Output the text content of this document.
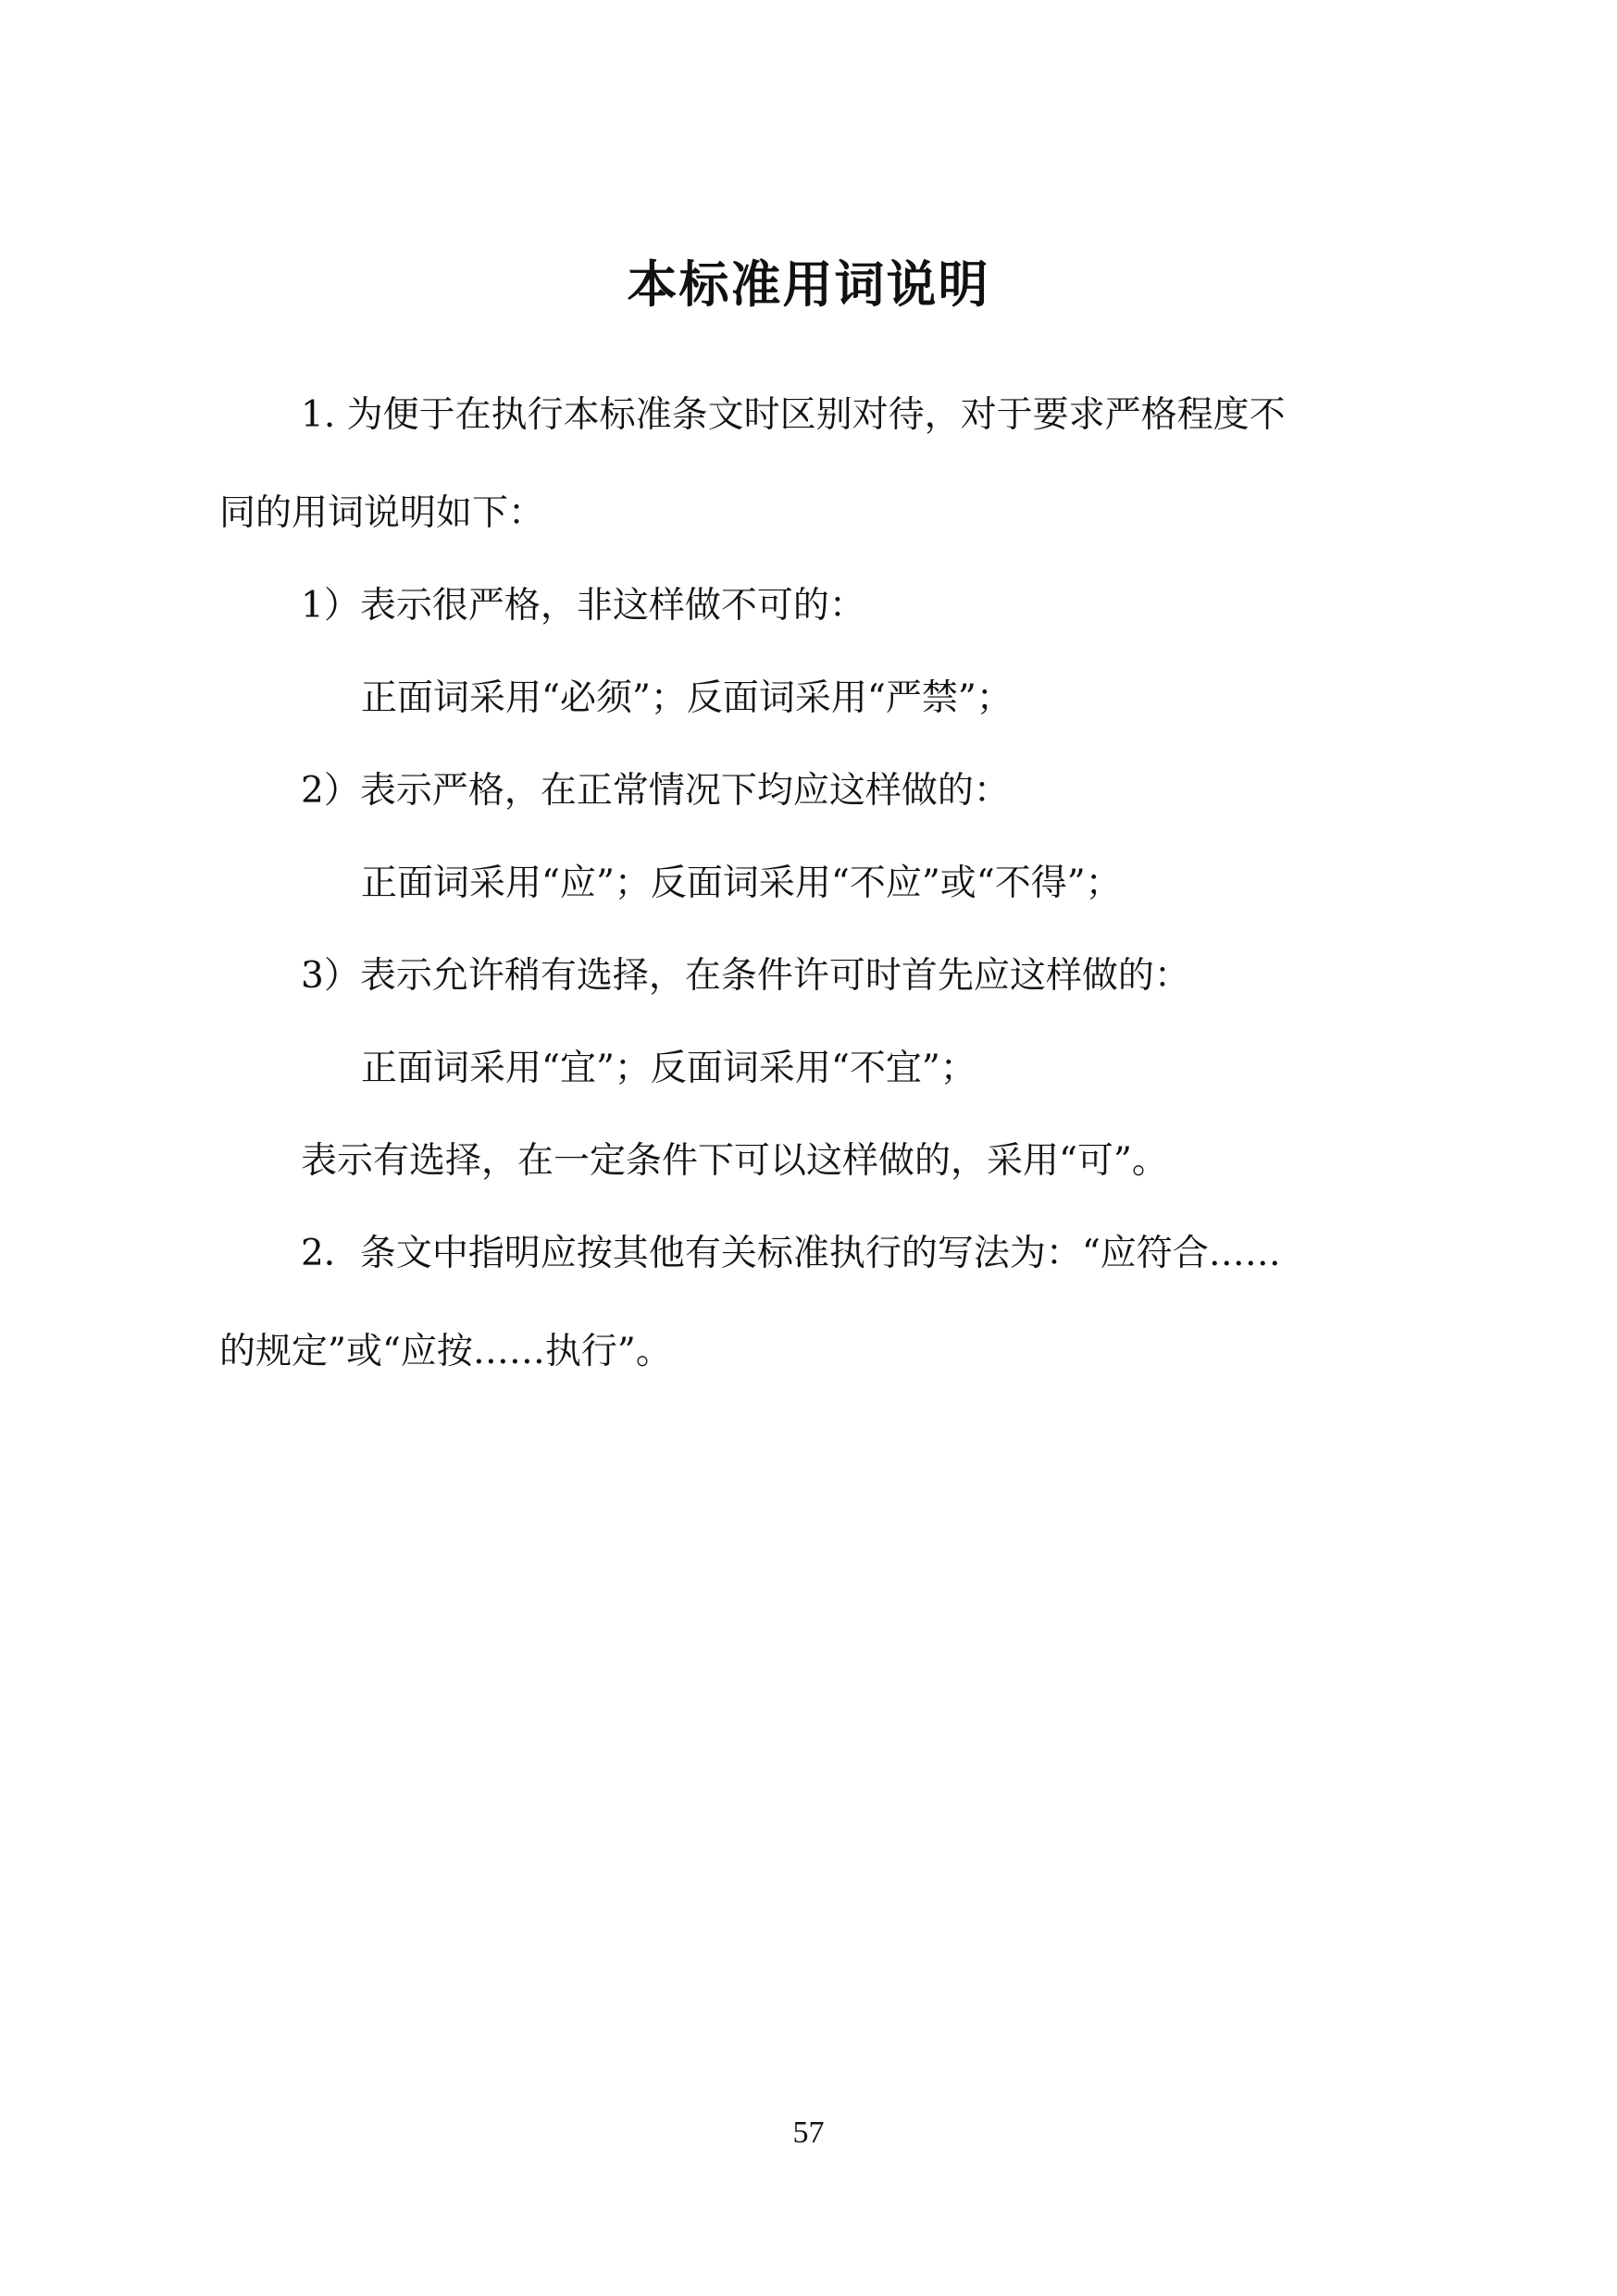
本标准用词说明

1. 为便于在执行本标准条文时区别对待，对于要求严格程度不

同的用词说明如下：

1）表示很严格，非这样做不可的：

正面词采用“必须”；反面词采用“严禁”；

2）表示严格，在正常情况下均应这样做的：

正面词采用“应”；反面词采用“不应”或“不得”；

3）表示允许稍有选择，在条件许可时首先应这样做的：

正面词采用“宜”；反面词采用“不宜”；

表示有选择，在一定条件下可以这样做的，采用“可”。

2．条文中指明应按其他有关标准执行的写法为：“应符合……

的规定”或“应按……执行”。

57
